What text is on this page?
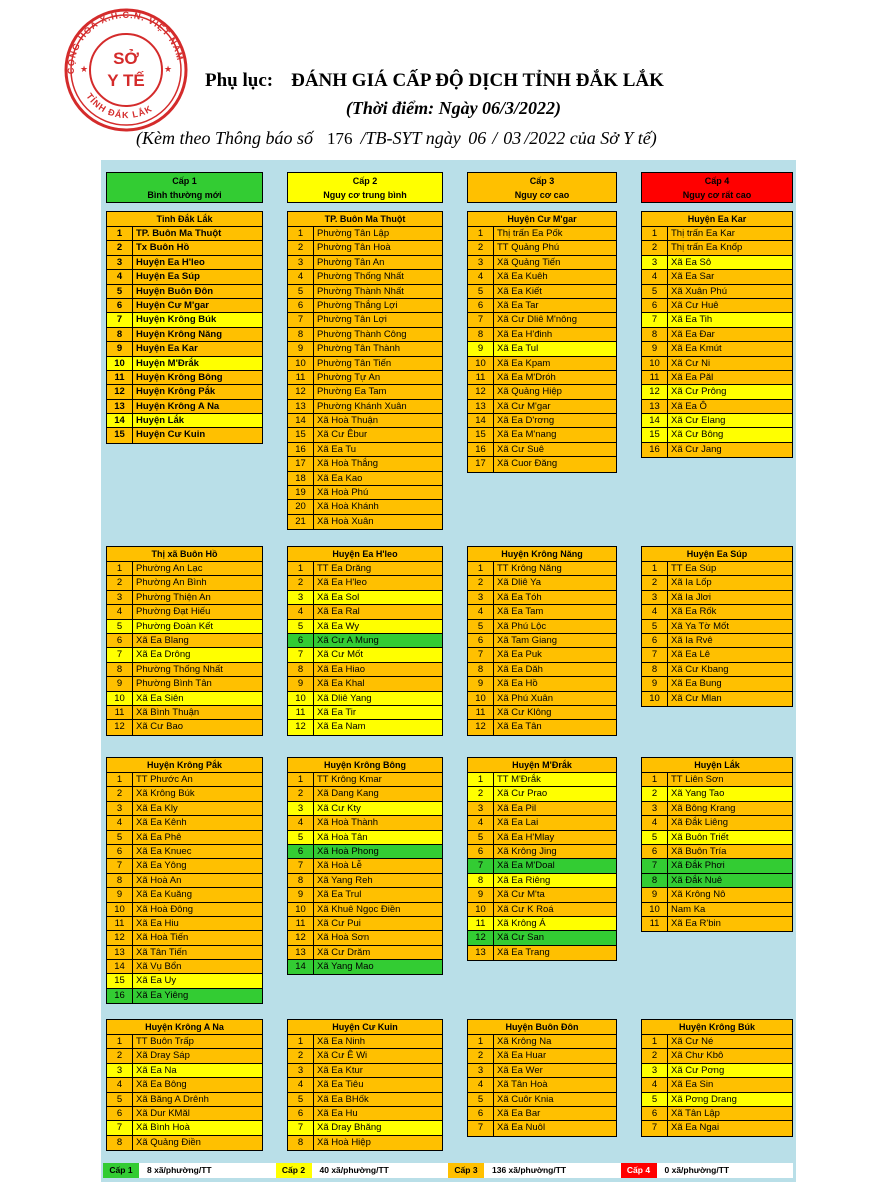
CỘNG HÒA X.H.C.N. VIỆT NAM
TỈNH ĐẮK LẮK
SỞ
Y TẾ
★	★
Phụ lục: ĐÁNH GIÁ CẤP ĐỘ DỊCH TỈNH ĐẮK LẮK
(Thời điểm: Ngày 06/3/2022)
(Kèm theo Thông báo số 176 /TB-SYT ngày 06 / 03 /2022 của Sở Y tế)
Cấp 1
Bình thường mới
Cấp 2
Nguy cơ trung bình
Cấp 3
Nguy cơ cao
Cấp 4
Nguy cơ rất cao
Tỉnh Đắk Lắk
1	TP. Buôn Ma Thuột
2	Tx Buôn Hồ
3	Huyện Ea H'leo
4	Huyện Ea Súp
5	Huyện Buôn Đôn
6	Huyện Cư M'gar
7	Huyện Krông Búk
8	Huyện Krông Năng
9	Huyện Ea Kar
10	Huyện M'Đrắk
11	Huyện Krông Bông
12	Huyện Krông Pắk
13	Huyện Krông A Na
14	Huyện Lắk
15	Huyện Cư Kuin
TP. Buôn Ma Thuột
1	Phường Tân Lập
2	Phường Tân Hoà
3	Phường Tân An
4	Phường Thống Nhất
5	Phường Thành Nhất
6	Phường Thắng Lợi
7	Phường Tân Lợi
8	Phường Thành Công
9	Phường Tân Thành
10	Phường Tân Tiến
11	Phường Tự An
12	Phường Ea Tam
13	Phường Khánh Xuân
14	Xã Hoà Thuận
15	Xã Cư Êbur
16	Xã Ea Tu
17	Xã Hoà Thắng
18	Xã Ea Kao
19	Xã Hoà Phú
20	Xã Hoà Khánh
21	Xã Hoà Xuân
Huyện Cư M'gar
1	Thị trấn Ea Pốk
2	TT Quảng Phú
3	Xã Quảng Tiến
4	Xã Ea Kuêh
5	Xã Ea Kiết
6	Xã Ea Tar
7	Xã Cư Dliê M'nông
8	Xã Ea H'đinh
9	Xã Ea Tul
10	Xã Ea Kpam
11	Xã Ea M'Dróh
12	Xã Quảng Hiệp
13	Xã Cư M'gar
14	Xã Ea D'rơng
15	Xã Ea M'nang
16	Xã Cư Suê
17	Xã Cuor Đăng
Huyện Ea Kar
1	Thị trấn Ea Kar
2	Thị trấn Ea Knốp
3	Xã Ea Sô
4	Xã Ea Sar
5	Xã Xuân Phú
6	Xã Cư Huê
7	Xã Ea Tih
8	Xã Ea Đar
9	Xã Ea Kmút
10	Xã Cư Ni
11	Xã Ea Păl
12	Xã Cư Prông
13	Xã Ea Ô
14	Xã Cư Elang
15	Xã Cư Bông
16	Xã Cư Jang
Thị xã Buôn Hồ
1	Phường An Lạc
2	Phường An Bình
3	Phường Thiện An
4	Phường Đạt Hiếu
5	Phường Đoàn Kết
6	Xã Ea Blang
7	Xã Ea Drông
8	Phường Thống Nhất
9	Phường Bình Tân
10	Xã Ea Siên
11	Xã Bình Thuận
12	Xã Cư Bao
Huyện Ea H'leo
1	TT Ea Drăng
2	Xã Ea H'leo
3	Xã Ea Sol
4	Xã Ea Ral
5	Xã Ea Wy
6	Xã Cư A Mung
7	Xã Cư Mốt
8	Xã Ea Hiao
9	Xã Ea Khal
10	Xã Dliê Yang
11	Xã Ea Tir
12	Xã Ea Nam
Huyện Krông Năng
1	TT Krông Năng
2	Xã Dliê Ya
3	Xã Ea Tóh
4	Xã Ea Tam
5	Xã Phú Lộc
6	Xã Tam Giang
7	Xã Ea Puk
8	Xã Ea Dăh
9	Xã Ea Hồ
10	Xã Phú Xuân
11	Xã Cư Klông
12	Xã Ea Tân
Huyện Ea Súp
1	TT Ea Súp
2	Xã Ia Lốp
3	Xã Ia Jlơi
4	Xã Ea Rốk
5	Xã Ya Tờ Mốt
6	Xã Ia Rvê
7	Xã Ea Lê
8	Xã Cư Kbang
9	Xã Ea Bung
10	Xã Cư Mlan
Huyện Krông Pắk
1	TT Phước An
2	Xã Krông Búk
3	Xã Ea Kly
4	Xã Ea Kênh
5	Xã Ea Phê
6	Xã Ea Knuec
7	Xã Ea Yông
8	Xã Hoà An
9	Xã Ea Kuăng
10	Xã Hoà Đông
11	Xã Ea Hiu
12	Xã Hoà Tiến
13	Xã Tân Tiến
14	Xã Vụ Bổn
15	Xã Ea Uy
16	Xã Ea Yiêng
Huyện Krông Bông
1	TT Krông Kmar
2	Xã Dang Kang
3	Xã Cư Kty
4	Xã Hoà Thành
5	Xã Hoà Tân
6	Xã Hoà Phong
7	Xã Hoà Lễ
8	Xã Yang Reh
9	Xã Ea Trul
10	Xã Khuê Ngọc Điền
11	Xã Cư Pui
12	Xã Hoà Sơn
13	Xã Cư Drăm
14	Xã Yang Mao
Huyện M'Đrắk
1	TT M'Đrắk
2	Xã Cư Prao
3	Xã Ea Pil
4	Xã Ea Lai
5	Xã Ea H'Mlay
6	Xã Krông Jing
7	Xã Ea M'Doal
8	Xã Ea Riêng
9	Xã Cư M'ta
10	Xã Cư K Roá
11	Xã Krông Á
12	Xã Cư San
13	Xã Ea Trang
Huyện Lắk
1	TT Liên Sơn
2	Xã Yang Tao
3	Xã Bông Krang
4	Xã Đắk Liêng
5	Xã Buôn Triết
6	Xã Buôn Tría
7	Xã Đắk Phơi
8	Xã Đắk Nuê
9	Xã Krông Nô
10	Nam Ka
11	Xã Ea R'bin
Huyện Krông A Na
1	TT Buôn Trấp
2	Xã Dray Sáp
3	Xã Ea Na
4	Xã Ea Bông
5	Xã Băng A Drênh
6	Xã Dur KMăl
7	Xã Bình Hoà
8	Xã Quảng Điền
Huyện Cư Kuin
1	Xã Ea Ninh
2	Xã Cư Ê Wi
3	Xã Ea Ktur
4	Xã Ea Tiêu
5	Xã Ea BHốk
6	Xã Ea Hu
7	Xã Dray Bhăng
8	Xã Hoà Hiệp
Huyện Buôn Đôn
1	Xã Krông Na
2	Xã Ea Huar
3	Xã Ea Wer
4	Xã Tân Hoà
5	Xã Cuôr Knia
6	Xã Ea Bar
7	Xã Ea Nuôl
Huyện Krông Búk
1	Xã Cư Né
2	Xã Chư Kbô
3	Xã Cư Pơng
4	Xã Ea Sin
5	Xã Pơng Drang
6	Xã Tân Lập
7	Xã Ea Ngai
Cấp 1	8 xã/phường/TT	Cấp 2	40 xã/phường/TT	Cấp 3	136 xã/phường/TT	Cấp 4	0 xã/phường/TT
